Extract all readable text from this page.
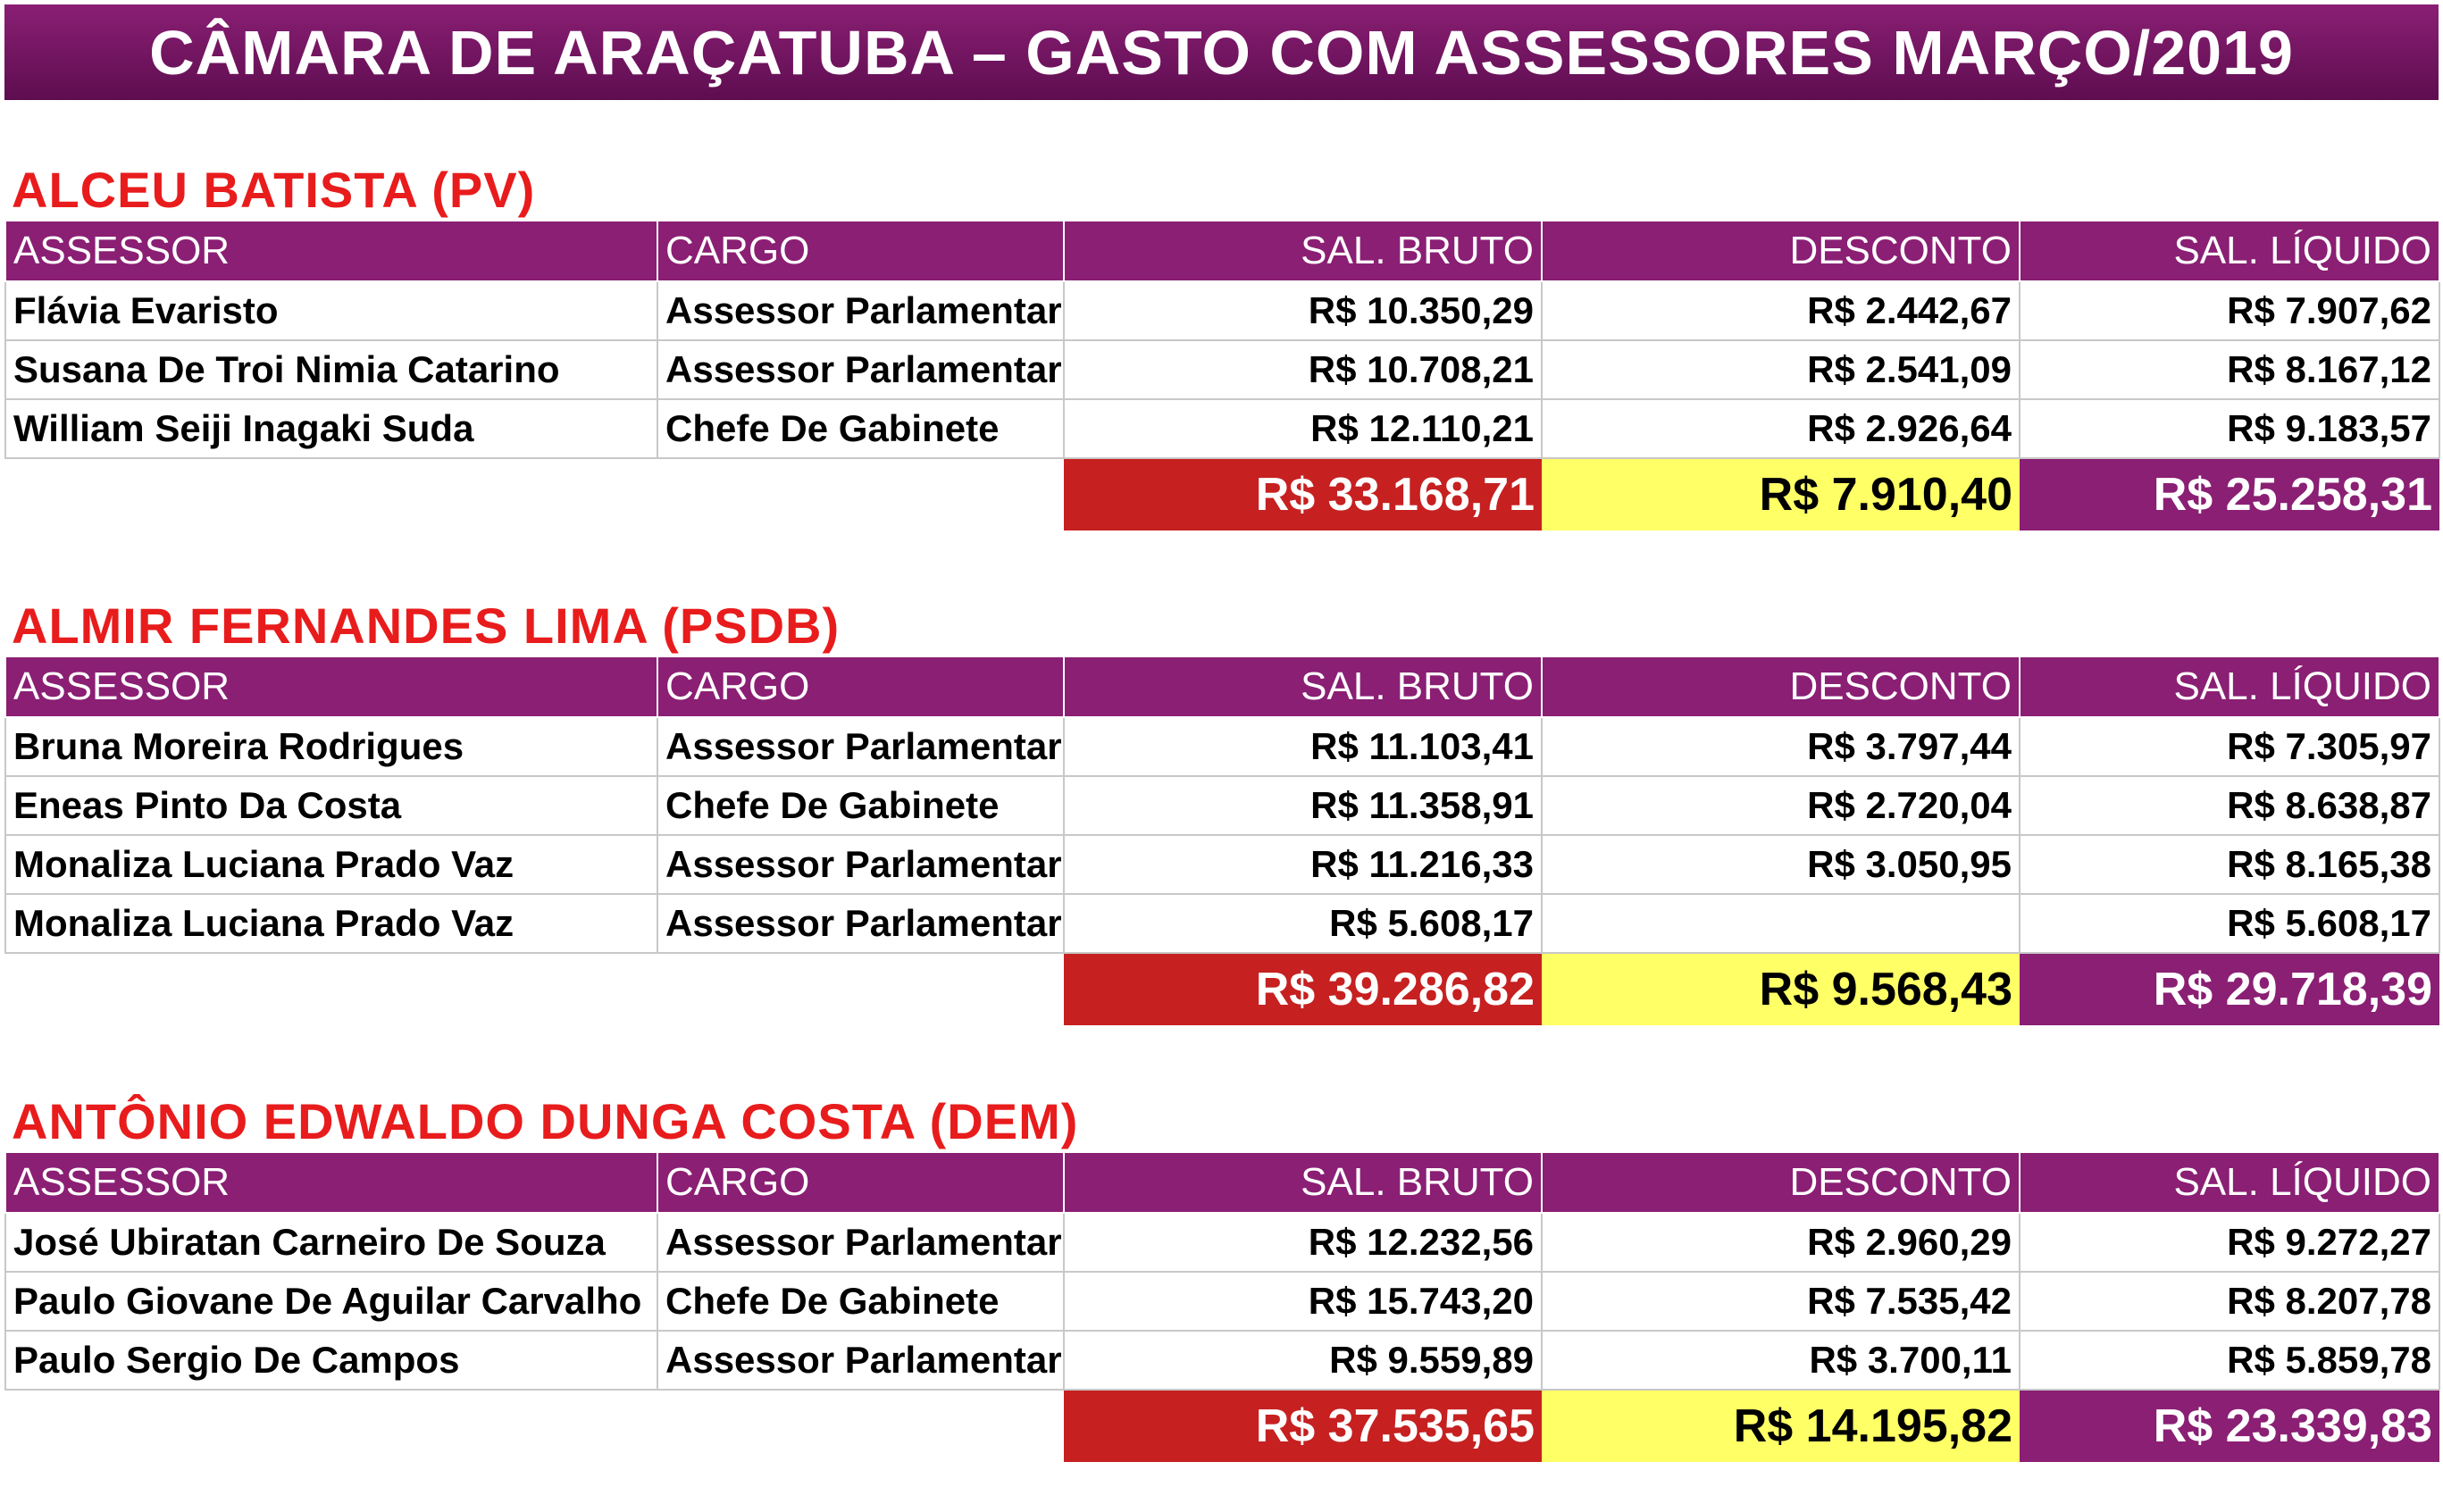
CÂMARA DE ARAÇATUBA – GASTO COM ASSESSORES MARÇO/2019
ALCEU BATISTA (PV)
ASSESSOR	CARGO	SAL. BRUTO	DESCONTO	SAL. LÍQUIDO
Flávia Evaristo	Assessor Parlamentar	R$ 10.350,29	R$ 2.442,67	R$ 7.907,62
Susana De Troi Nimia Catarino	Assessor Parlamentar	R$ 10.708,21	R$ 2.541,09	R$ 8.167,12
William Seiji Inagaki Suda	Chefe De Gabinete	R$ 12.110,21	R$ 2.926,64	R$ 9.183,57
		R$ 33.168,71	R$ 7.910,40	R$ 25.258,31
ALMIR FERNANDES LIMA (PSDB)
ASSESSOR	CARGO	SAL. BRUTO	DESCONTO	SAL. LÍQUIDO
Bruna Moreira Rodrigues	Assessor Parlamentar	R$ 11.103,41	R$ 3.797,44	R$ 7.305,97
Eneas Pinto Da Costa	Chefe De Gabinete	R$ 11.358,91	R$ 2.720,04	R$ 8.638,87
Monaliza Luciana Prado Vaz	Assessor Parlamentar	R$ 11.216,33	R$ 3.050,95	R$ 8.165,38
Monaliza Luciana Prado Vaz	Assessor Parlamentar	R$ 5.608,17		R$ 5.608,17
		R$ 39.286,82	R$ 9.568,43	R$ 29.718,39
ANTÔNIO EDWALDO DUNGA COSTA (DEM)
ASSESSOR	CARGO	SAL. BRUTO	DESCONTO	SAL. LÍQUIDO
José Ubiratan Carneiro De Souza	Assessor Parlamentar	R$ 12.232,56	R$ 2.960,29	R$ 9.272,27
Paulo Giovane De Aguilar Carvalho	Chefe De Gabinete	R$ 15.743,20	R$ 7.535,42	R$ 8.207,78
Paulo Sergio De Campos	Assessor Parlamentar	R$ 9.559,89	R$ 3.700,11	R$ 5.859,78
		R$ 37.535,65	R$ 14.195,82	R$ 23.339,83
